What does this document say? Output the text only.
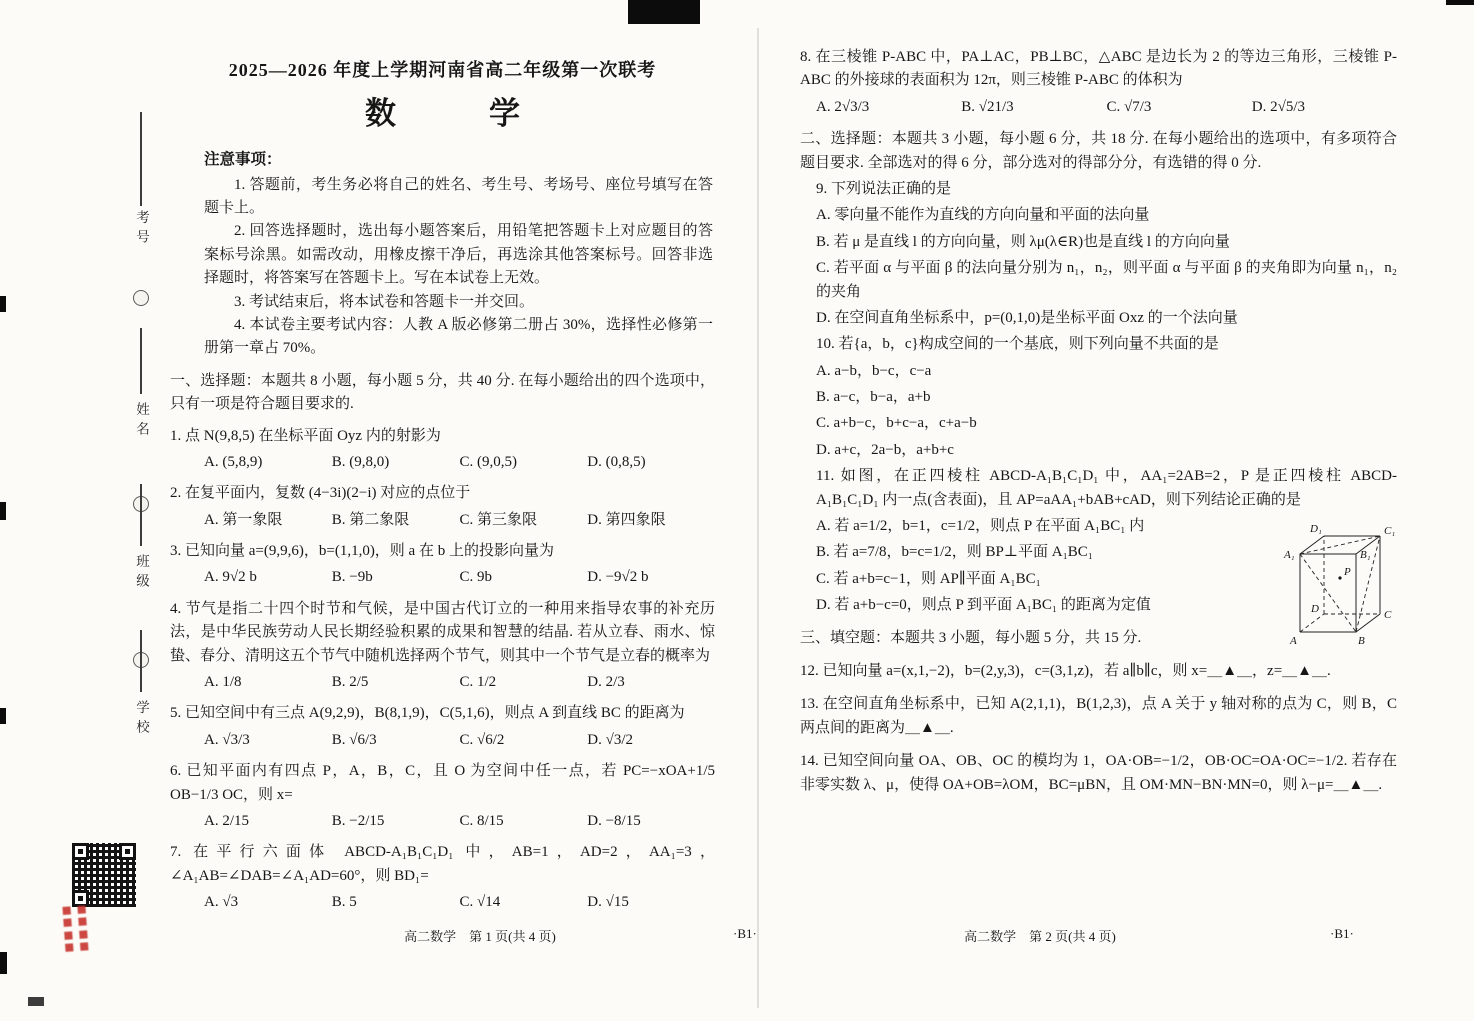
考号
姓名
班级
学校
2025—2026 年度上学期河南省高二年级第一次联考
数学

注意事项：

1. 答题前，考生务必将自己的姓名、考生号、考场号、座位号填写在答题卡上。

2. 回答选择题时，选出每小题答案后，用铅笔把答题卡上对应题目的答案标号涂黑。如需改动，用橡皮擦干净后，再选涂其他答案标号。回答非选择题时，将答案写在答题卡上。写在本试卷上无效。

3. 考试结束后，将本试卷和答题卡一并交回。

4. 本试卷主要考试内容：人教 A 版必修第二册占 30%，选择性必修第一册第一章占 70%。

一、选择题：本题共 8 小题，每小题 5 分，共 40 分. 在每小题给出的四个选项中，只有一项是符合题目要求的.

1. 点 N(9,8,5) 在坐标平面 Oyz 内的射影为

A. (5,8,9)	B. (9,8,0)	C. (9,0,5)	D. (0,8,5)

2. 在复平面内，复数 (4−3i)(2−i) 对应的点位于

A. 第一象限	B. 第二象限	C. 第三象限	D. 第四象限

3. 已知向量 a=(9,9,6)，b=(1,1,0)，则 a 在 b 上的投影向量为

A. 9√2 b	B. −9b	C. 9b	D. −9√2 b

4. 节气是指二十四个时节和气候，是中国古代订立的一种用来指导农事的补充历法，是中华民族劳动人民长期经验积累的成果和智慧的结晶. 若从立春、雨水、惊蛰、春分、清明这五个节气中随机选择两个节气，则其中一个节气是立春的概率为

A. 1/8	B. 2/5	C. 1/2	D. 2/3

5. 已知空间中有三点 A(9,2,9)，B(8,1,9)，C(5,1,6)，则点 A 到直线 BC 的距离为

A. √3/3	B. √6/3	C. √6/2	D. √3/2

6. 已知平面内有四点 P，A，B，C，且 O 为空间中任一点，若 PC=−xOA+1/5 OB−1/3 OC，则 x=

A. 2/15	B. −2/15	C. 8/15	D. −8/15

7. 在平行六面体 ABCD-A₁B₁C₁D₁ 中，AB=1，AD=2，AA₁=3，∠A₁AB=∠DAB=∠A₁AD=60°，则 BD₁=

A. √3	B. 5	C. √14	D. √15

8. 在三棱锥 P-ABC 中，PA⊥AC，PB⊥BC，△ABC 是边长为 2 的等边三角形，三棱锥 P-ABC 的外接球的表面积为 12π，则三棱锥 P-ABC 的体积为

A. 2√3/3	B. √21/3	C. √7/3	D. 2√5/3

二、选择题：本题共 3 小题，每小题 6 分，共 18 分. 在每小题给出的选项中，有多项符合题目要求. 全部选对的得 6 分，部分选对的得部分分，有选错的得 0 分.

9. 下列说法正确的是

A. 零向量不能作为直线的方向向量和平面的法向量

B. 若 μ 是直线 l 的方向向量，则 λμ(λ∈R)也是直线 l 的方向向量

C. 若平面 α 与平面 β 的法向量分别为 n₁，n₂，则平面 α 与平面 β 的夹角即为向量 n₁，n₂ 的夹角

D. 在空间直角坐标系中，p=(0,1,0)是坐标平面 Oxz 的一个法向量

10. 若{a，b，c}构成空间的一个基底，则下列向量不共面的是

A. a−b，b−c，c−a

B. a−c，b−a，a+b

C. a+b−c，b+c−a，c+a−b

D. a+c，2a−b，a+b+c

11. 如图，在正四棱柱 ABCD-A₁B₁C₁D₁ 中，AA₁=2AB=2，P 是正四棱柱 ABCD-A₁B₁C₁D₁ 内一点(含表面)，且 AP=aAA₁+bAB+cAD，则下列结论正确的是

A. 若 a=1/2，b=1，c=1/2，则点 P 在平面 A₁BC₁ 内

B. 若 a=7/8，b=c=1/2，则 BP⊥平面 A₁BC₁

C. 若 a+b=c−1，则 AP∥平面 A₁BC₁

D. 若 a+b−c=0，则点 P 到平面 A₁BC₁ 的距离为定值

三、填空题：本题共 3 小题，每小题 5 分，共 15 分.

12. 已知向量 a=(x,1,−2)，b=(2,y,3)，c=(3,1,z)，若 a∥b∥c，则 x=＿▲＿，z=＿▲＿.

13. 在空间直角坐标系中，已知 A(2,1,1)，B(1,2,3)，点 A 关于 y 轴对称的点为 C，则 B，C 两点间的距离为＿▲＿.

14. 已知空间向量 OA、OB、OC 的模均为 1，OA·OB=−1/2，OB·OC=OA·OC=−1/2. 若存在非零实数 λ、μ，使得 OA+OB=λOM，BC=μBN，且 OM·MN−BN·MN=0，则 λ−μ=＿▲＿.

D₁	C₁
A₁	B₁
D	C
A	B
P
高二数学　第 1 页(共 4 页)	·B1·	高二数学　第 2 页(共 4 页)	·B1·
